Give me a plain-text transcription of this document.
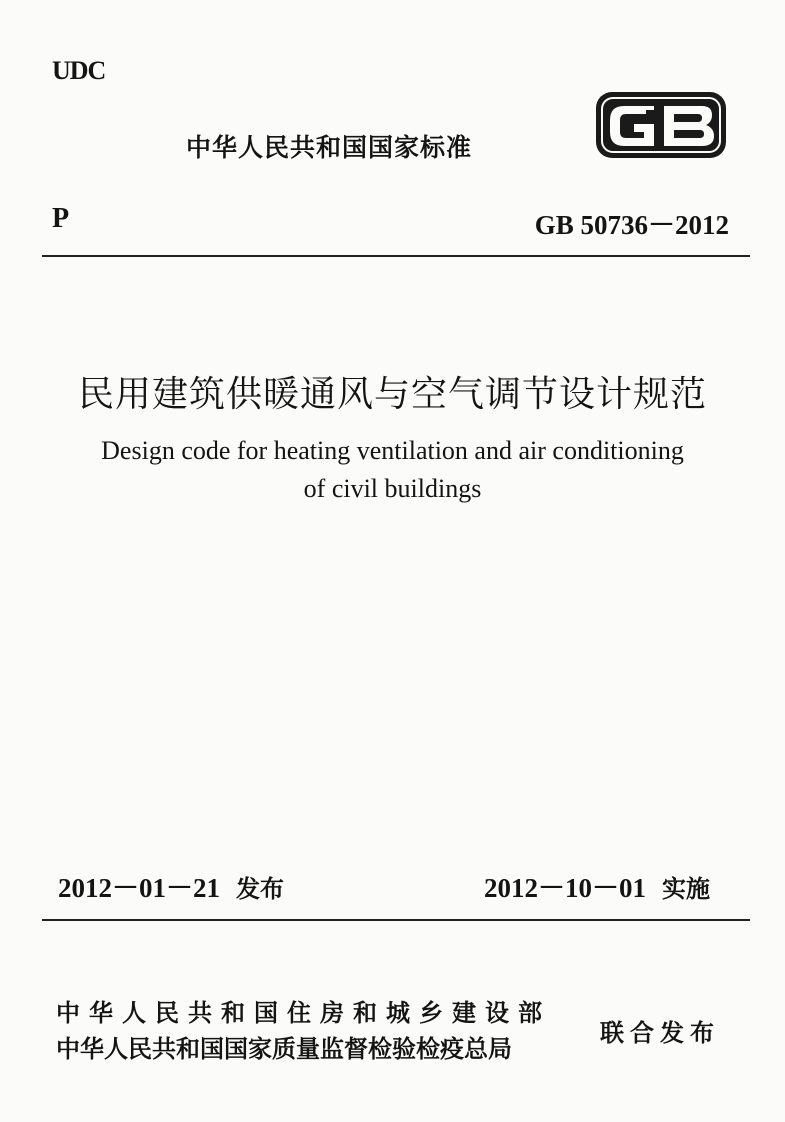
UDC
中华人民共和国国家标准
P	GB 50736－2012
民用建筑供暖通风与空气调节设计规范
Design code for heating ventilation and air conditioning
of civil buildings
2012－01－21 发布	2012－10－01 实施
中华人民共和国住房和城乡建设部
中华人民共和国国家质量监督检验检疫总局
联合发布
